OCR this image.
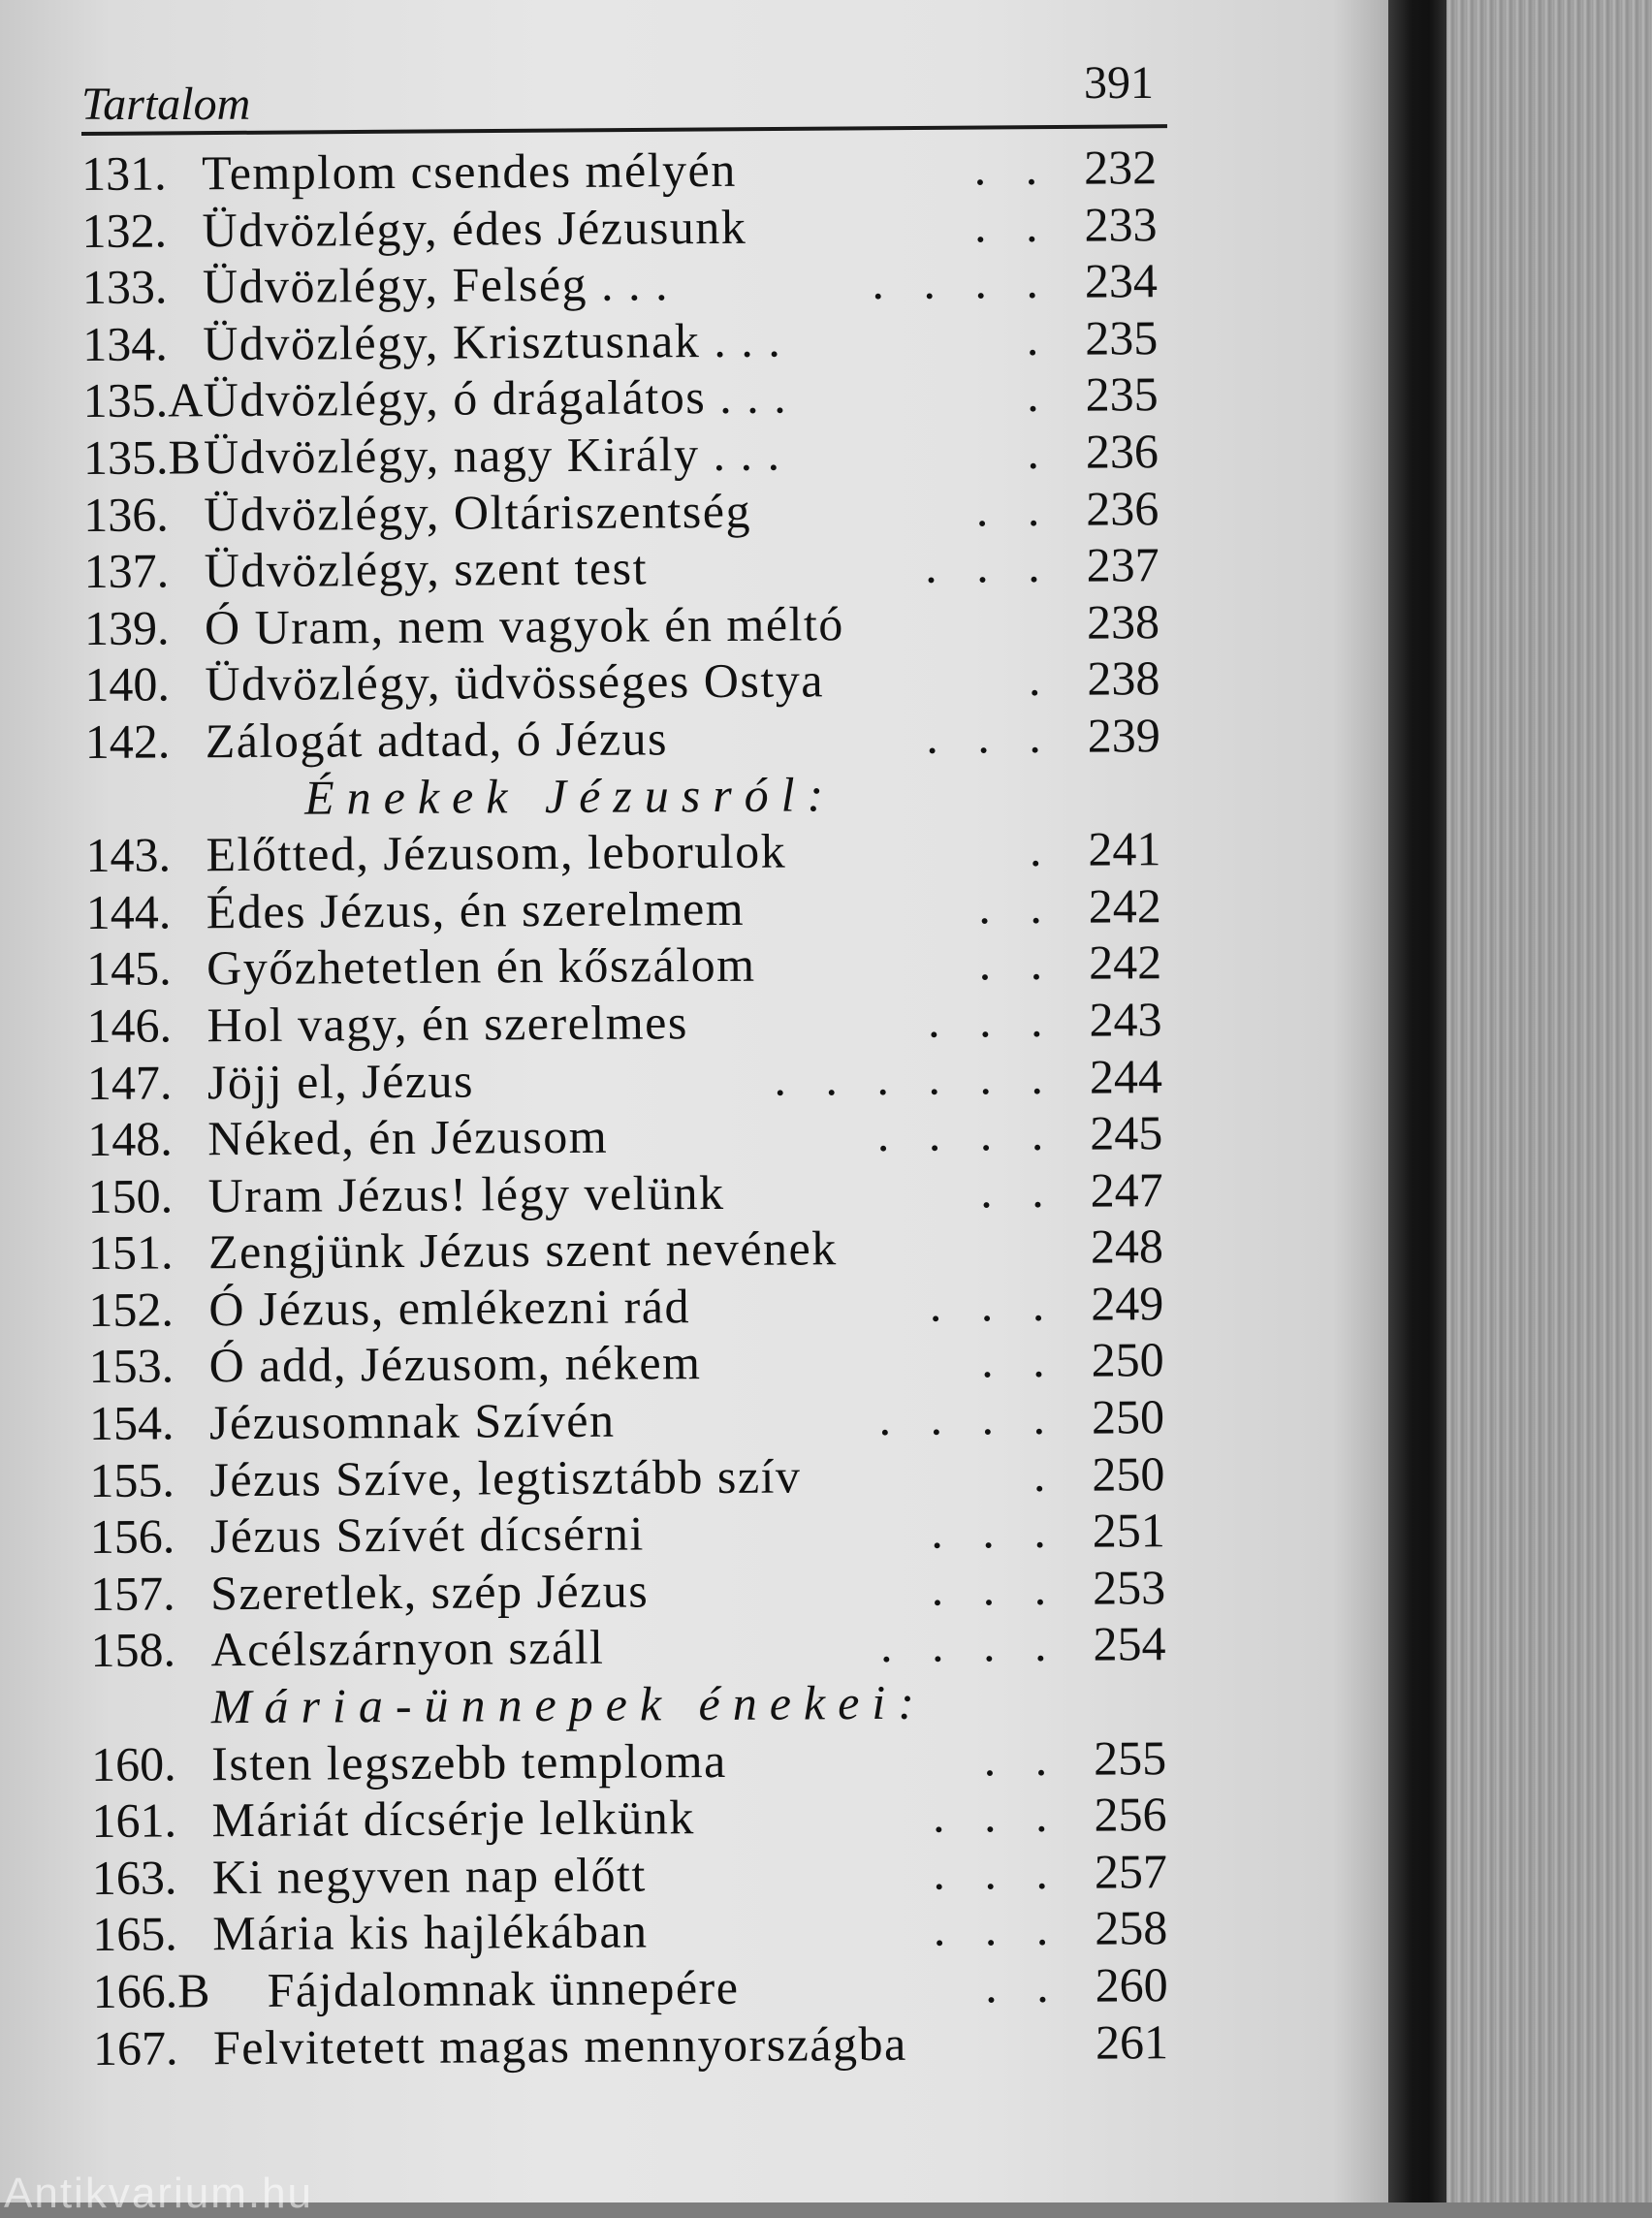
Tartalom	391
131. Templom csendes mélyén	. . 232
132. Üdvözlégy, édes Jézusunk	. . 233
133. Üdvözlégy, Felség . . .	. . . . 234
134. Üdvözlégy, Krisztusnak . . .	. 235
135.A Üdvözlégy, ó drágalátos . . .	. 235
135.B Üdvözlégy, nagy Király . . .	. 236
136. Üdvözlégy, Oltáriszentség	. . 236
137. Üdvözlégy, szent test	. . . 237
139. Ó Uram, nem vagyok én méltó	238
140. Üdvözlégy, üdvösséges Ostya	. 238
142. Zálogát adtad, ó Jézus	. . . 239
Énekek Jézusról:
143. Előtted, Jézusom, leborulok	. 241
144. Édes Jézus, én szerelmem	. . 242
145. Győzhetetlen én kőszálom	. . 242
146. Hol vagy, én szerelmes	. . . 243
147. Jöjj el, Jézus	. . . . . . 244
148. Néked, én Jézusom	. . . . 245
150. Uram Jézus! légy velünk	. . 247
151. Zengjünk Jézus szent nevének	248
152. Ó Jézus, emlékezni rád	. . . 249
153. Ó add, Jézusom, nékem	. . 250
154. Jézusomnak Szívén	. . . . 250
155. Jézus Szíve, legtisztább szív	. 250
156. Jézus Szívét dícsérni	. . . 251
157. Szeretlek, szép Jézus	. . . 253
158. Acélszárnyon száll	. . . . 254
Mária-ünnepek énekei:
160. Isten legszebb temploma	. . 255
161. Máriát dícsérje lelkünk	. . . 256
163. Ki negyven nap előtt	. . . 257
165. Mária kis hajlékában	. . . 258
166.B Fájdalomnak ünnepére	. . 260
167. Felvitetett magas mennyországba	261
Antikvarium.hu
